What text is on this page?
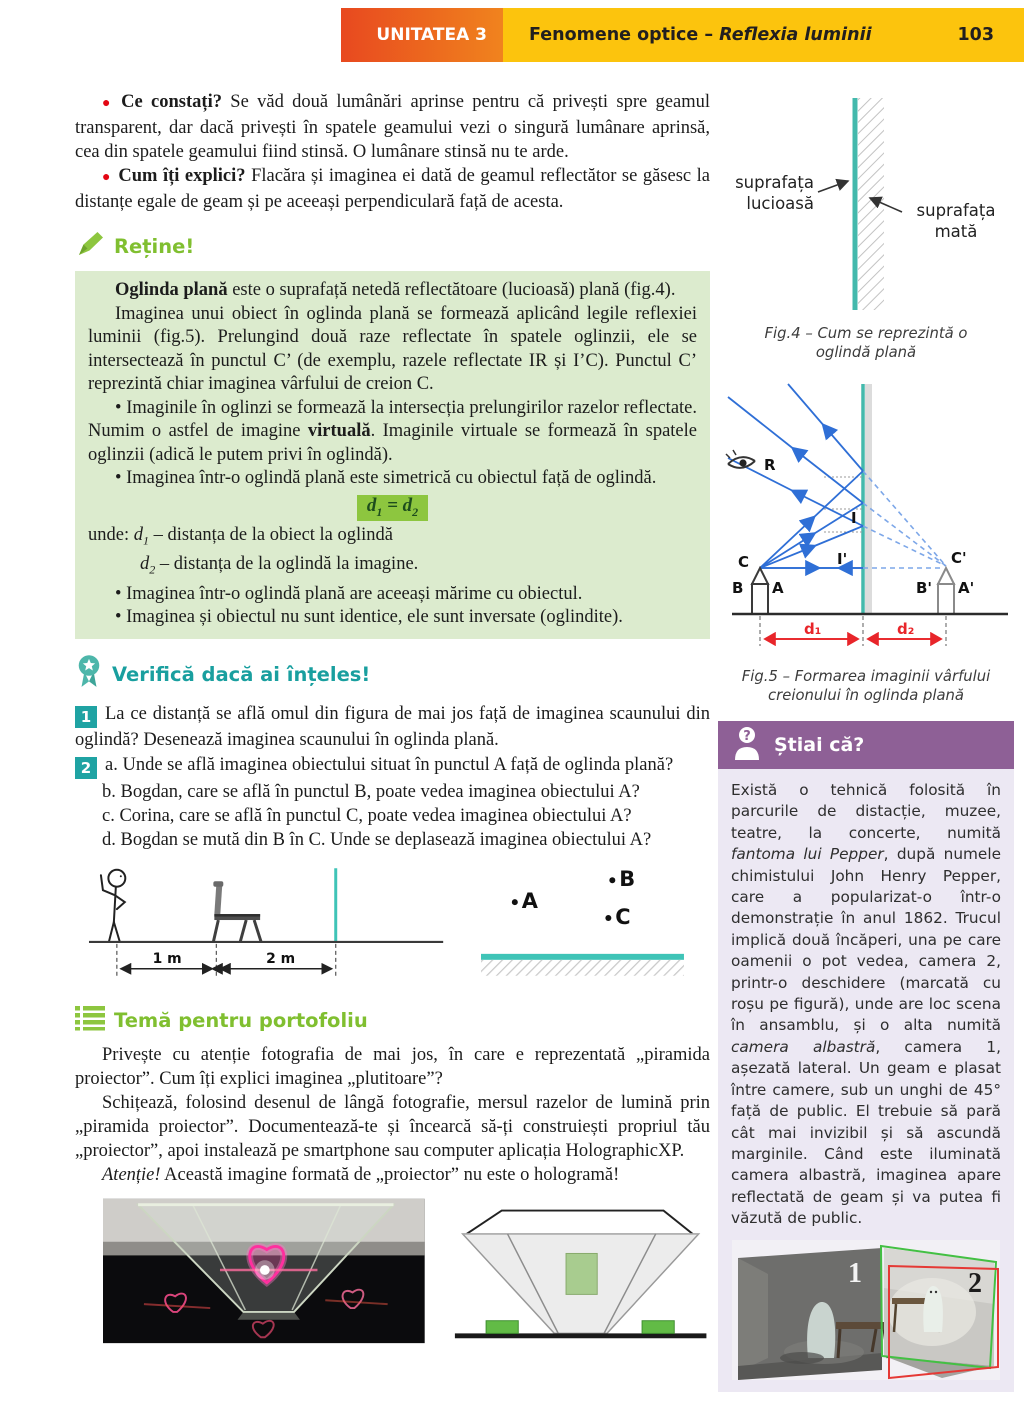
UNITATEA 3	Fenomene optice – Reflexia luminii	103

● Ce constați? Se văd două lumânări aprinse pentru că privești spre geamul transparent, dar dacă privești în spatele geamului vezi o singură lumânare aprinsă, cea din spatele geamului fiind stinsă. O lumânare stinsă nu te arde.

● Cum îți explici? Flacăra și imaginea ei dată de geamul reflectător se găsesc la distanțe egale de geam și pe aceeași perpendiculară față de acesta.

Reține!

Oglinda plană este o suprafață netedă reflectătoare (lucioasă) plană (fig.4).

Imaginea unui obiect în oglinda plană se formează aplicând legile reflexiei luminii (fig.5). Prelungind două raze reflectate în spatele oglinzii, ele se intersectează în punctul C’ (de exemplu, razele reflectate IR și I’C). Punctul C’ reprezintă chiar imaginea vârfului de creion C.

• Imaginile în oglinzi se formează la intersecția prelungirilor razelor reflectate. Numim o astfel de imagine virtuală. Imaginile virtuale se formează în spatele oglinzii (adică le putem privi în oglindă).

• Imaginea într-o oglindă plană este simetrică cu obiectul față de oglindă.

$d_1 = d_2$

unde: $d_1$ – distanța de la obiect la oglindă

$d_2$ – distanța de la oglindă la imagine.

• Imaginea într-o oglindă plană are aceeași mărime cu obiectul.

• Imaginea și obiectul nu sunt identice, ele sunt inversate (oglindite).

Verifică dacă ai înțeles!

1 La ce distanță se află omul din figura de mai jos față de imaginea scaunului din oglindă? Desenează imaginea scaunului în oglinda plană.

2 a. Unde se află imaginea obiectului situat în punctul A față de oglinda plană?

b. Bogdan, care se află în punctul B, poate vedea imaginea obiectului A?

c. Corina, care se află în punctul C, poate vedea imaginea obiectului A?

d. Bogdan se mută din B în C. Unde se deplasează imaginea obiectului A?

1 m	2 m
A
B
C
Temă pentru portofoliu

Privește cu atenție fotografia de mai jos, în care e reprezentată „piramida proiector”. Cum îți explici imaginea „plutitoare”?

Schițează, folosind desenul de lângă fotografie, mersul razelor de lumină prin „piramida proiector”. Documentează-te și încearcă să-ți construiești propriul tău „proiector”, apoi instalează pe smartphone sau computer aplicația HolographicXP.

Atenție! Această imagine formată de „proiector” nu este o hologramă!

suprafața lucioasă	suprafața mată
Fig.4 – Cum se reprezintă o oglindă plană
R
I
I'
C
B A
C'
B' A'
d₁	d₂
Fig.5 – Formarea imaginii vârfului creionului în oglinda plană
? Știai că?

Există o tehnică folosită în parcurile de distacție, muzee, teatre, la concerte, numită fantoma lui Pepper, după numele chimistului John Henry Pepper, care a popularizat-o într-o demonstrație în anul 1862. Trucul implică două încăperi, una pe care oamenii o pot vedea, camera 2, printr-o deschidere (marcată cu roșu pe figură), unde are loc scena în ansamblu, și o alta numită camera albastră, camera 1, așezată lateral. Un geam e plasat între camere, sub un unghi de 45° față de public. El trebuie să pară cât mai invizibil și să ascundă marginile. Când este iluminată camera albastră, imaginea apare reflectată de geam și va putea fi văzută de public.

1	2
